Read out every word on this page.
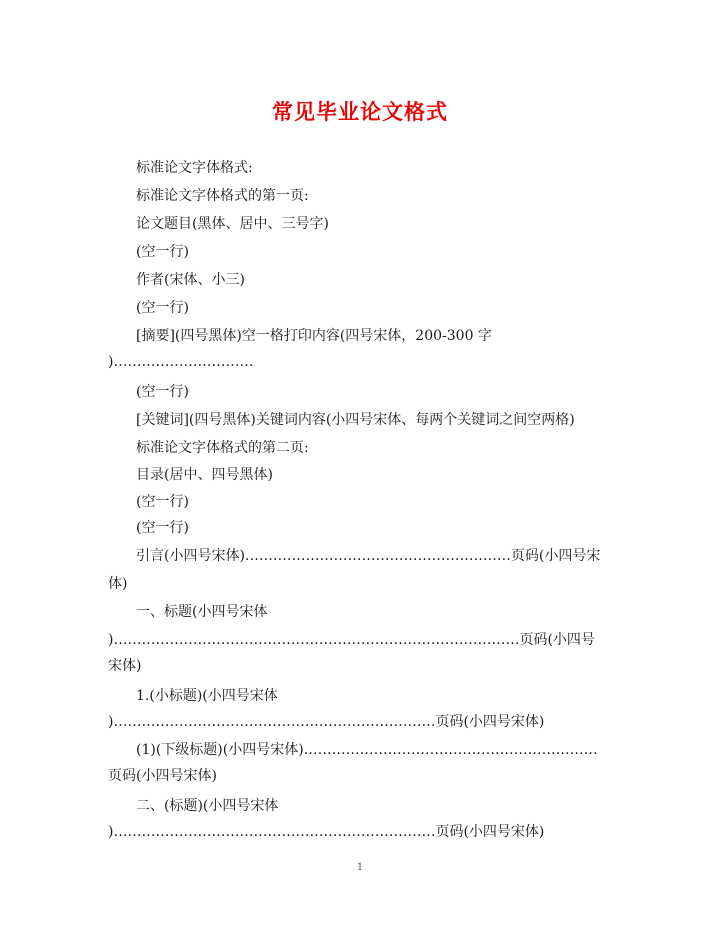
常见毕业论文格式
标准论文字体格式:
标准论文字体格式的第一页:
论文题目(黑体、居中、三号字)
(空一行)
作者(宋体、小三)
(空一行)
[摘要](四号黑体)空一格打印内容(四号宋体，200-300 字
)…………………………
(空一行)
[关键词](四号黑体)关键词内容(小四号宋体、每两个关键词之间空两格)
标准论文字体格式的第二页:
目录(居中、四号黑体)
(空一行)
(空一行)
引言(小四号宋体)…………………………………………………页码(小四号宋
体)
一、标题(小四号宋体
)……………………………………………………………………………页码(小四号
宋体)
1.(小标题)(小四号宋体
)……………………………………………………………页码(小四号宋体)
(1)(下级标题)(小四号宋体)………………………………………………………
页码(小四号宋体)
二、(标题)(小四号宋体
)……………………………………………………………页码(小四号宋体)
1
